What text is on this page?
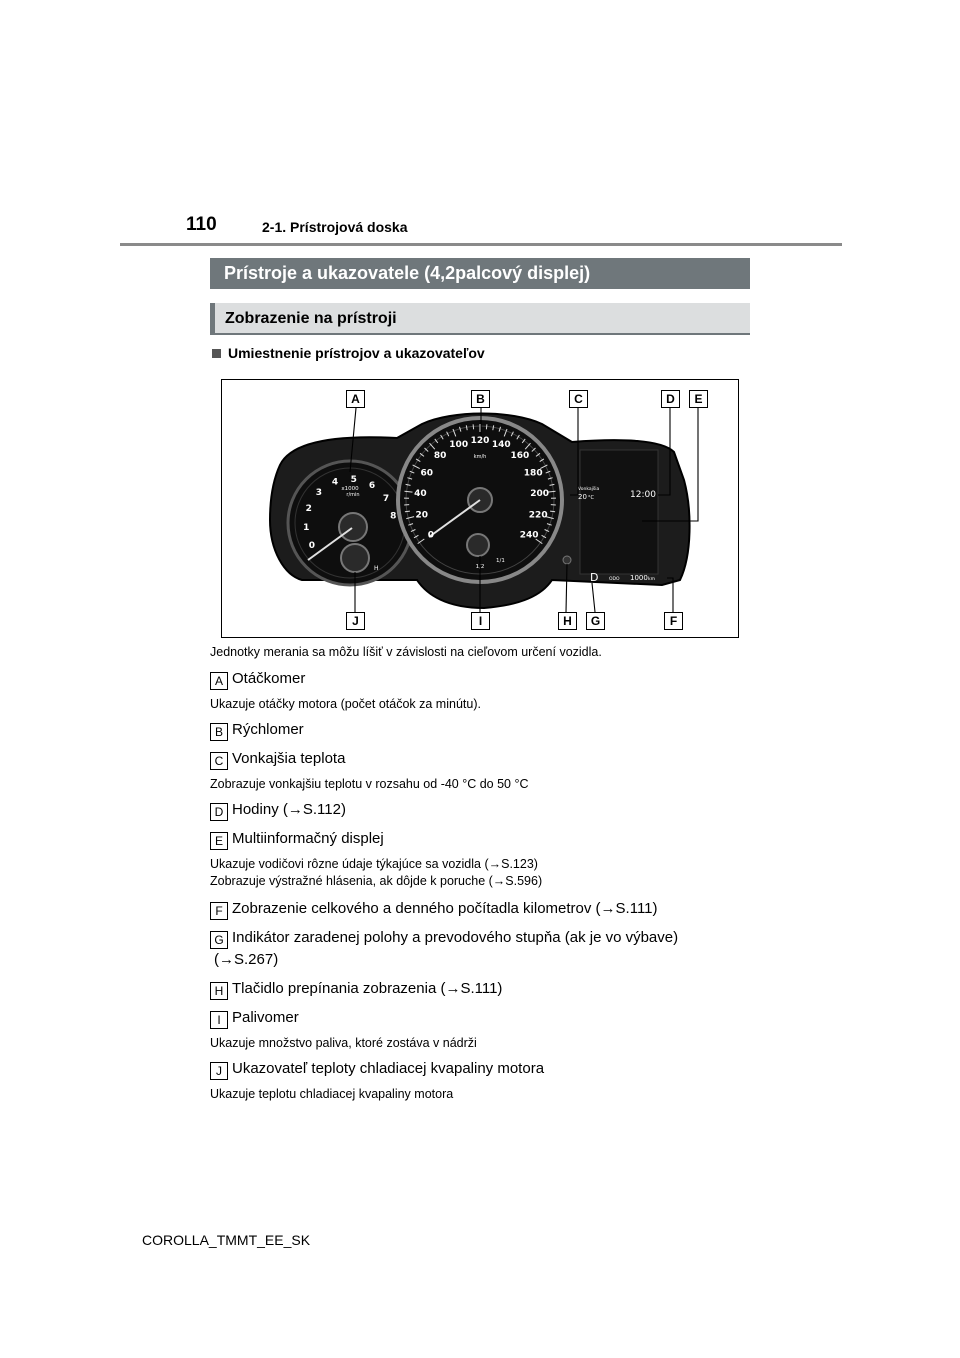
110	2-1. Prístrojová doska
Prístroje a ukazovatele (4,2palcový displej)
Zobrazenie na prístroji
Umiestnenie prístrojov a ukazovateľov
0
1
2
3
4 5
6
7
8
x1000
r/min
H
0
20
40
60
80
100 120 140
160
180
200
220
240
km/h
1/2
1/1
Vonkajšia
20 °C	12:00
D ODO 1000 km
A	B	C	D	E
F
G
H
I
J
Jednotky merania sa môžu líšiť v závislosti na cieľovom určení vozidla.
A Otáčkomer
Ukazuje otáčky motora (počet otáčok za minútu).
B Rýchlomer
C Vonkajšia teplota
Zobrazuje vonkajšiu teplotu v rozsahu od -40 °C do 50 °C
D Hodiny (→S.112)
E Multiinformačný displej
Ukazuje vodičovi rôzne údaje týkajúce sa vozidla (→S.123)
Zobrazuje výstražné hlásenia, ak dôjde k poruche (→S.596)
F Zobrazenie celkového a denného počítadla kilometrov (→S.111)
G Indikátor zaradenej polohy a prevodového stupňa (ak je vo výbave)
(→S.267)
H Tlačidlo prepínania zobrazenia (→S.111)
I Palivomer
Ukazuje množstvo paliva, ktoré zostáva v nádrži
J Ukazovateľ teploty chladiacej kvapaliny motora
Ukazuje teplotu chladiacej kvapaliny motora
COROLLA_TMMT_EE_SK
